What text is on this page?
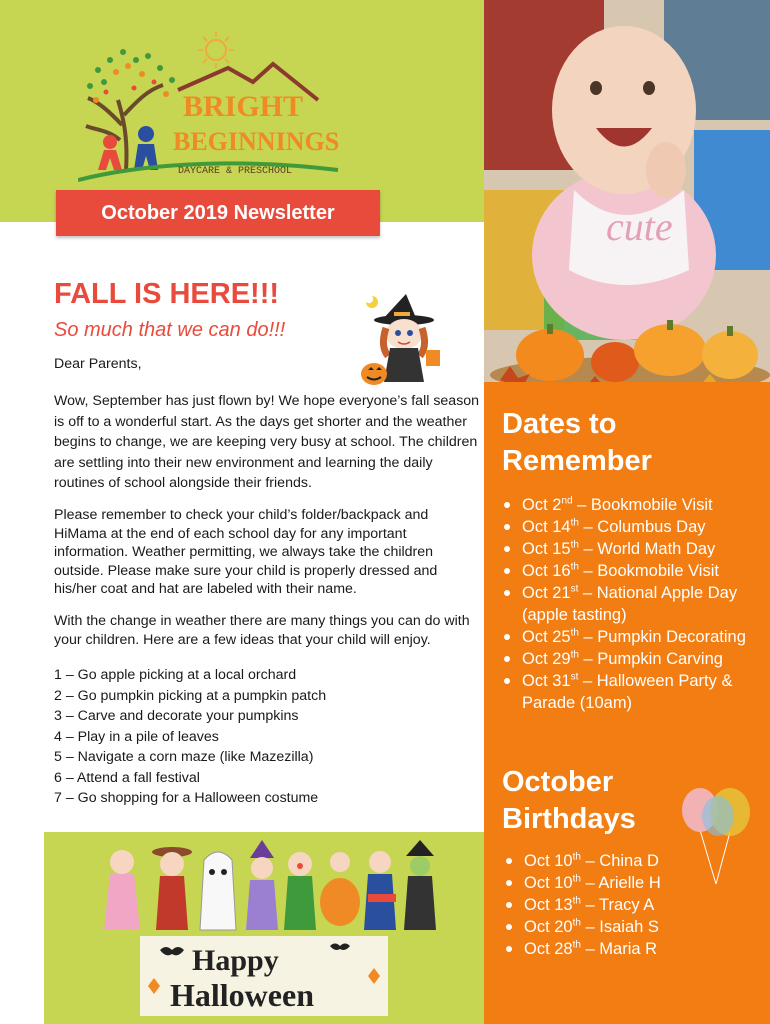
BRIGHT
BEGINNINGS
DAYCARE & PRESCHOOL
October 2019 Newsletter	cute
Dates to
Remember
Oct 2nd – Bookmobile Visit
Oct 14th – Columbus Day
Oct 15th – World Math Day
Oct 16th – Bookmobile Visit
Oct 21st – National Apple Day (apple tasting)
Oct 25th – Pumpkin Decorating
Oct 29th – Pumpkin Carving
Oct 31st – Halloween Party & Parade (10am)
October
Birthdays
Oct 10th – China D
Oct 10th – Arielle H
Oct 13th – Tracy A
Oct 20th – Isaiah S
Oct 28th – Maria R
FALL IS HERE!!!
So much that we can do!!!
Dear Parents,
Wow, September has just flown by! We hope everyone’s fall season is off to a wonderful start. As the days get shorter and the weather begins to change, we are keeping very busy at school. The children are settling into their new environment and learning the daily routines of school alongside their friends.
Please remember to check your child’s folder/backpack and HiMama at the end of each school day for any important information. Weather permitting, we always take the children outside. Please make sure your child is properly dressed and his/her coat and hat are labeled with their name.
With the change in weather there are many things you can do with your children. Here are a few ideas that your child will enjoy.
1 – Go apple picking at a local orchard
2 – Go pumpkin picking at a pumpkin patch
3 – Carve and decorate your pumpkins
4 – Play in a pile of leaves
5 – Navigate a corn maze (like Mazezilla)
6 – Attend a fall festival
7 – Go shopping for a Halloween costume
Happy
Halloween
